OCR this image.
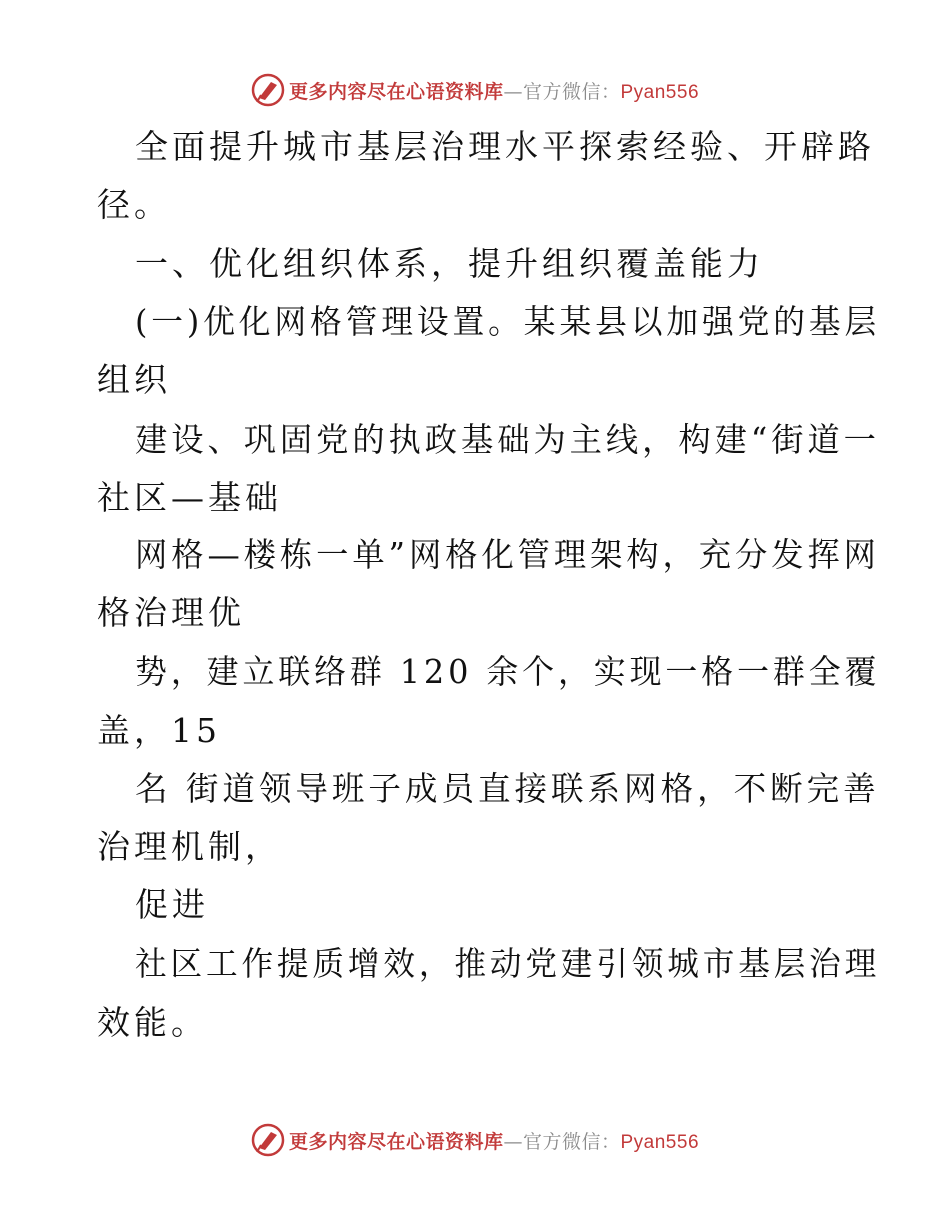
更多内容尽在心语资料库—官方微信：Pyan556
全面提升城市基层治理水平探索经验、开辟路
径。
一、优化组织体系，提升组织覆盖能力
(一)优化网格管理设置。某某县以加强党的基层
组织
建设、巩固党的执政基础为主线，构建“街道一
社区—基础
网格—楼栋一单”网格化管理架构，充分发挥网
格治理优
势，建立联络群 120 余个，实现一格一群全覆
盖，15
名 街道领导班子成员直接联系网格，不断完善
治理机制，
促进
社区工作提质增效，推动党建引领城市基层治理
效能。
更多内容尽在心语资料库—官方微信：Pyan556
